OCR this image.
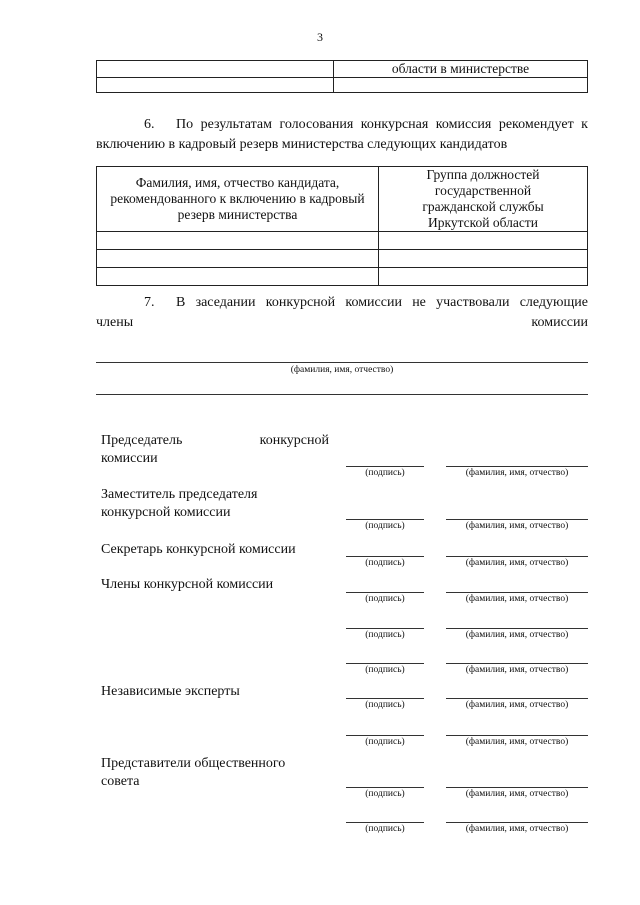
3
	области в министерстве

6. По результатам голосования конкурсная комиссия рекомендует к включению в кадровый резерв министерства следующих кандидатов
Фамилия, имя, отчество кандидата, рекомендованного к включению в кадровый резерв министерства	Группа должностей государственной гражданской службы Иркутской области

7. В заседании конкурсной комиссии не участвовали следующие члены комиссии
(фамилия, имя, отчество)
Председатель конкурсной
комиссии
(подпись)	(фамилия, имя, отчество)
Заместитель председателя конкурсной комиссии
(подпись)	(фамилия, имя, отчество)
Секретарь конкурсной комиссии
(подпись)	(фамилия, имя, отчество)
Члены конкурсной комиссии
(подпись)	(фамилия, имя, отчество)
(подпись)	(фамилия, имя, отчество)
(подпись)	(фамилия, имя, отчество)
Независимые эксперты
(подпись)	(фамилия, имя, отчество)
(подпись)	(фамилия, имя, отчество)
Представители общественного совета
(подпись)	(фамилия, имя, отчество)
(подпись)	(фамилия, имя, отчество)
